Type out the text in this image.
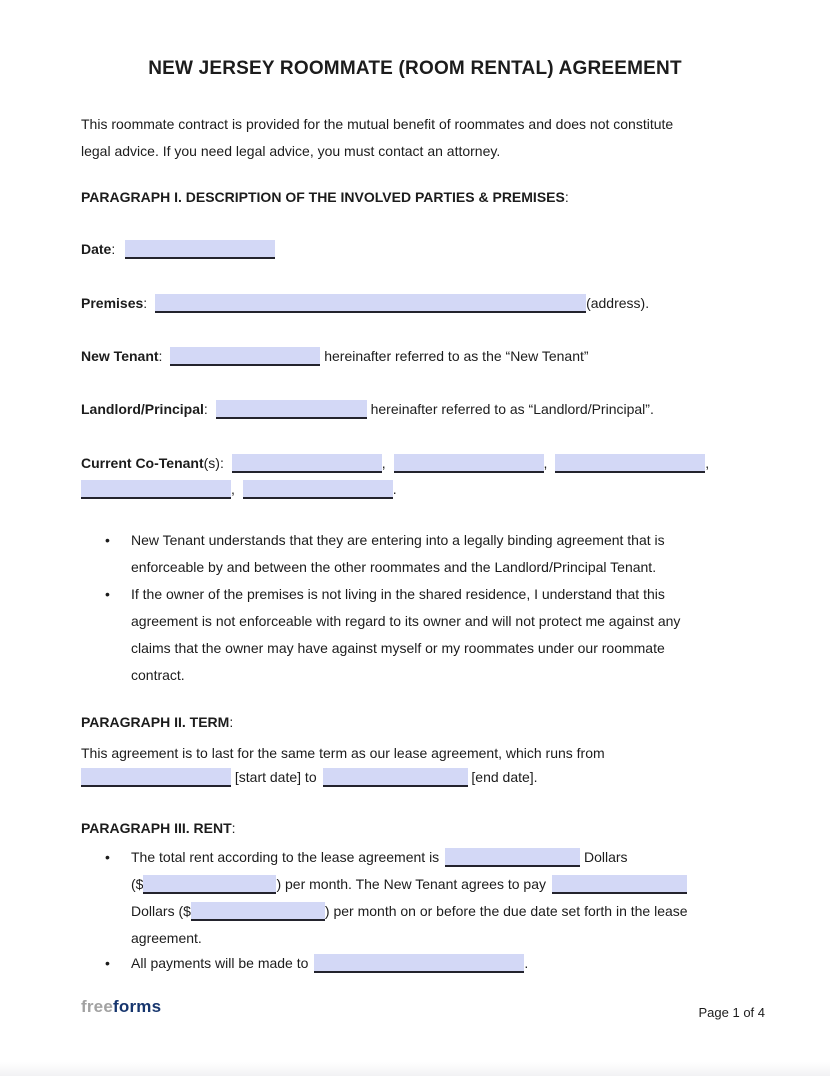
NEW JERSEY ROOMMATE (ROOM RENTAL) AGREEMENT
This roommate contract is provided for the mutual benefit of roommates and does not constitute
legal advice. If you need legal advice, you must contact an attorney.
PARAGRAPH I. DESCRIPTION OF THE INVOLVED PARTIES & PREMISES:
Date:
Premises:	(address).
New Tenant:	hereinafter referred to as the “New Tenant”
Landlord/Principal:	hereinafter referred to as “Landlord/Principal”.
Current Co-Tenant(s):	,	,	,
,	.
• New Tenant understands that they are entering into a legally binding agreement that is
enforceable by and between the other roommates and the Landlord/Principal Tenant.
• If the owner of the premises is not living in the shared residence, I understand that this
agreement is not enforceable with regard to its owner and will not protect me against any
claims that the owner may have against myself or my roommates under our roommate
contract.
PARAGRAPH II. TERM:
This agreement is to last for the same term as our lease agreement, which runs from
[start date] to	[end date].
PARAGRAPH III. RENT:
• The total rent according to the lease agreement is	Dollars
($	) per month. The New Tenant agrees to pay
Dollars ($	) per month on or before the due date set forth in the lease
agreement.
• All payments will be made to	.
freeforms	Page 1 of 4
